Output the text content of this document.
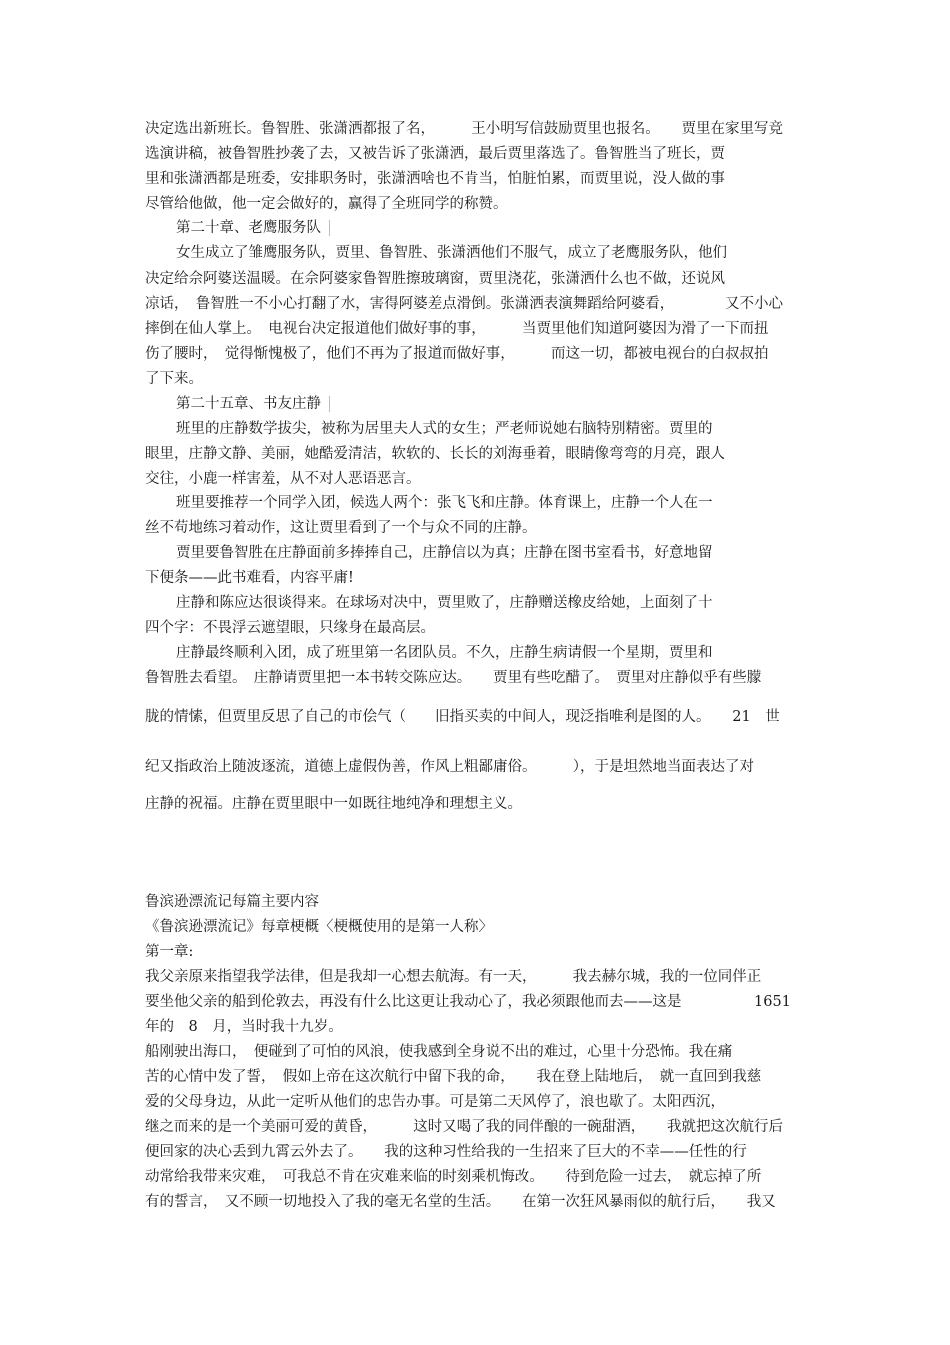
决定选出新班长。鲁智胜、张潇洒都报了名，　　　王小明写信鼓励贾里也报名。　　贾里在家里写竞
选演讲稿，被鲁智胜抄袭了去，又被告诉了张潇洒，最后贾里落选了。鲁智胜当了班长，贾
里和张潇洒都是班委，安排职务时，张潇洒啥也不肯当，怕脏怕累，而贾里说，没人做的事
尽管给他做，他一定会做好的，赢得了全班同学的称赞。
第二十章、老鹰服务队
女生成立了雏鹰服务队，贾里、鲁智胜、张潇洒他们不服气，成立了老鹰服务队，他们
决定给佘阿婆送温暖。在佘阿婆家鲁智胜擦玻璃窗，贾里浇花，张潇洒什么也不做，还说风
凉话，　鲁智胜一不小心打翻了水，害得阿婆差点滑倒。张潇洒表演舞蹈给阿婆看，　　　　又不小心
摔倒在仙人掌上。　电视台决定报道他们做好事的事，　　　当贾里他们知道阿婆因为滑了一下而扭
伤了腰时，　觉得惭愧极了，他们不再为了报道而做好事，　　　而这一切，都被电视台的白叔叔拍
了下来。
第二十五章、书友庄静
班里的庄静数学拔尖，被称为居里夫人式的女生；严老师说她右脑特别精密。贾里的
眼里，庄静文静、美丽，她酷爱清洁，软软的、长长的刘海垂着，眼睛像弯弯的月亮，跟人
交往，小鹿一样害羞，从不对人恶语恶言。
班里要推荐一个同学入团，候选人两个：张飞飞和庄静。体育课上，庄静一个人在一
丝不苟地练习着动作，这让贾里看到了一个与众不同的庄静。
贾里要鲁智胜在庄静面前多捧捧自己，庄静信以为真；庄静在图书室看书，好意地留
下便条——此书难看，内容平庸!
庄静和陈应达很谈得来。在球场对决中，贾里败了，庄静赠送橡皮给她，上面刻了十
四个字：不畏浮云遮望眼，只缘身在最高层。
庄静最终顺利入团，成了班里第一名团队员。不久，庄静生病请假一个星期，贾里和
鲁智胜去看望。　庄静请贾里把一本书转交陈应达。　　贾里有些吃醋了。　贾里对庄静似乎有些朦
胧的情愫，但贾里反思了自己的市侩气（　　旧指买卖的中间人，现泛指唯利是图的人。　　21　世
纪又指政治上随波逐流，道德上虚假伪善，作风上粗鄙庸俗。　　　），于是坦然地当面表达了对
庄静的祝福。庄静在贾里眼中一如既往地纯净和理想主义。
鲁滨逊漂流记每篇主要内容
《鲁滨逊漂流记》每章梗概〈梗概使用的是第一人称〉
第一章:
我父亲原来指望我学法律，但是我却一心想去航海。有一天，　　　我去赫尔城，我的一位同伴正
要坐他父亲的船到伦敦去，再没有什么比这更让我动心了，我必须跟他而去——这是　　　　　1651
年的　8　月，当时我十九岁。
船刚驶出海口，　便碰到了可怕的风浪，使我感到全身说不出的难过，心里十分恐怖。我在痛
苦的心情中发了誓，　假如上帝在这次航行中留下我的命，　　我在登上陆地后，　就一直回到我慈
爱的父母身边，从此一定听从他们的忠告办事。可是第二天风停了，浪也歇了。太阳西沉，
继之而来的是一个美丽可爱的黄昏，　　　这时又喝了我的同伴酿的一碗甜酒，　　我就把这次航行后
便回家的决心丢到九霄云外去了。　　我的这种习性给我的一生招来了巨大的不幸——任性的行
动常给我带来灾难，　可我总不肯在灾难来临的时刻乘机悔改。　　待到危险一过去，　就忘掉了所
有的誓言，　又不顾一切地投入了我的毫无名堂的生活。　　在第一次狂风暴雨似的航行后，　　我又
